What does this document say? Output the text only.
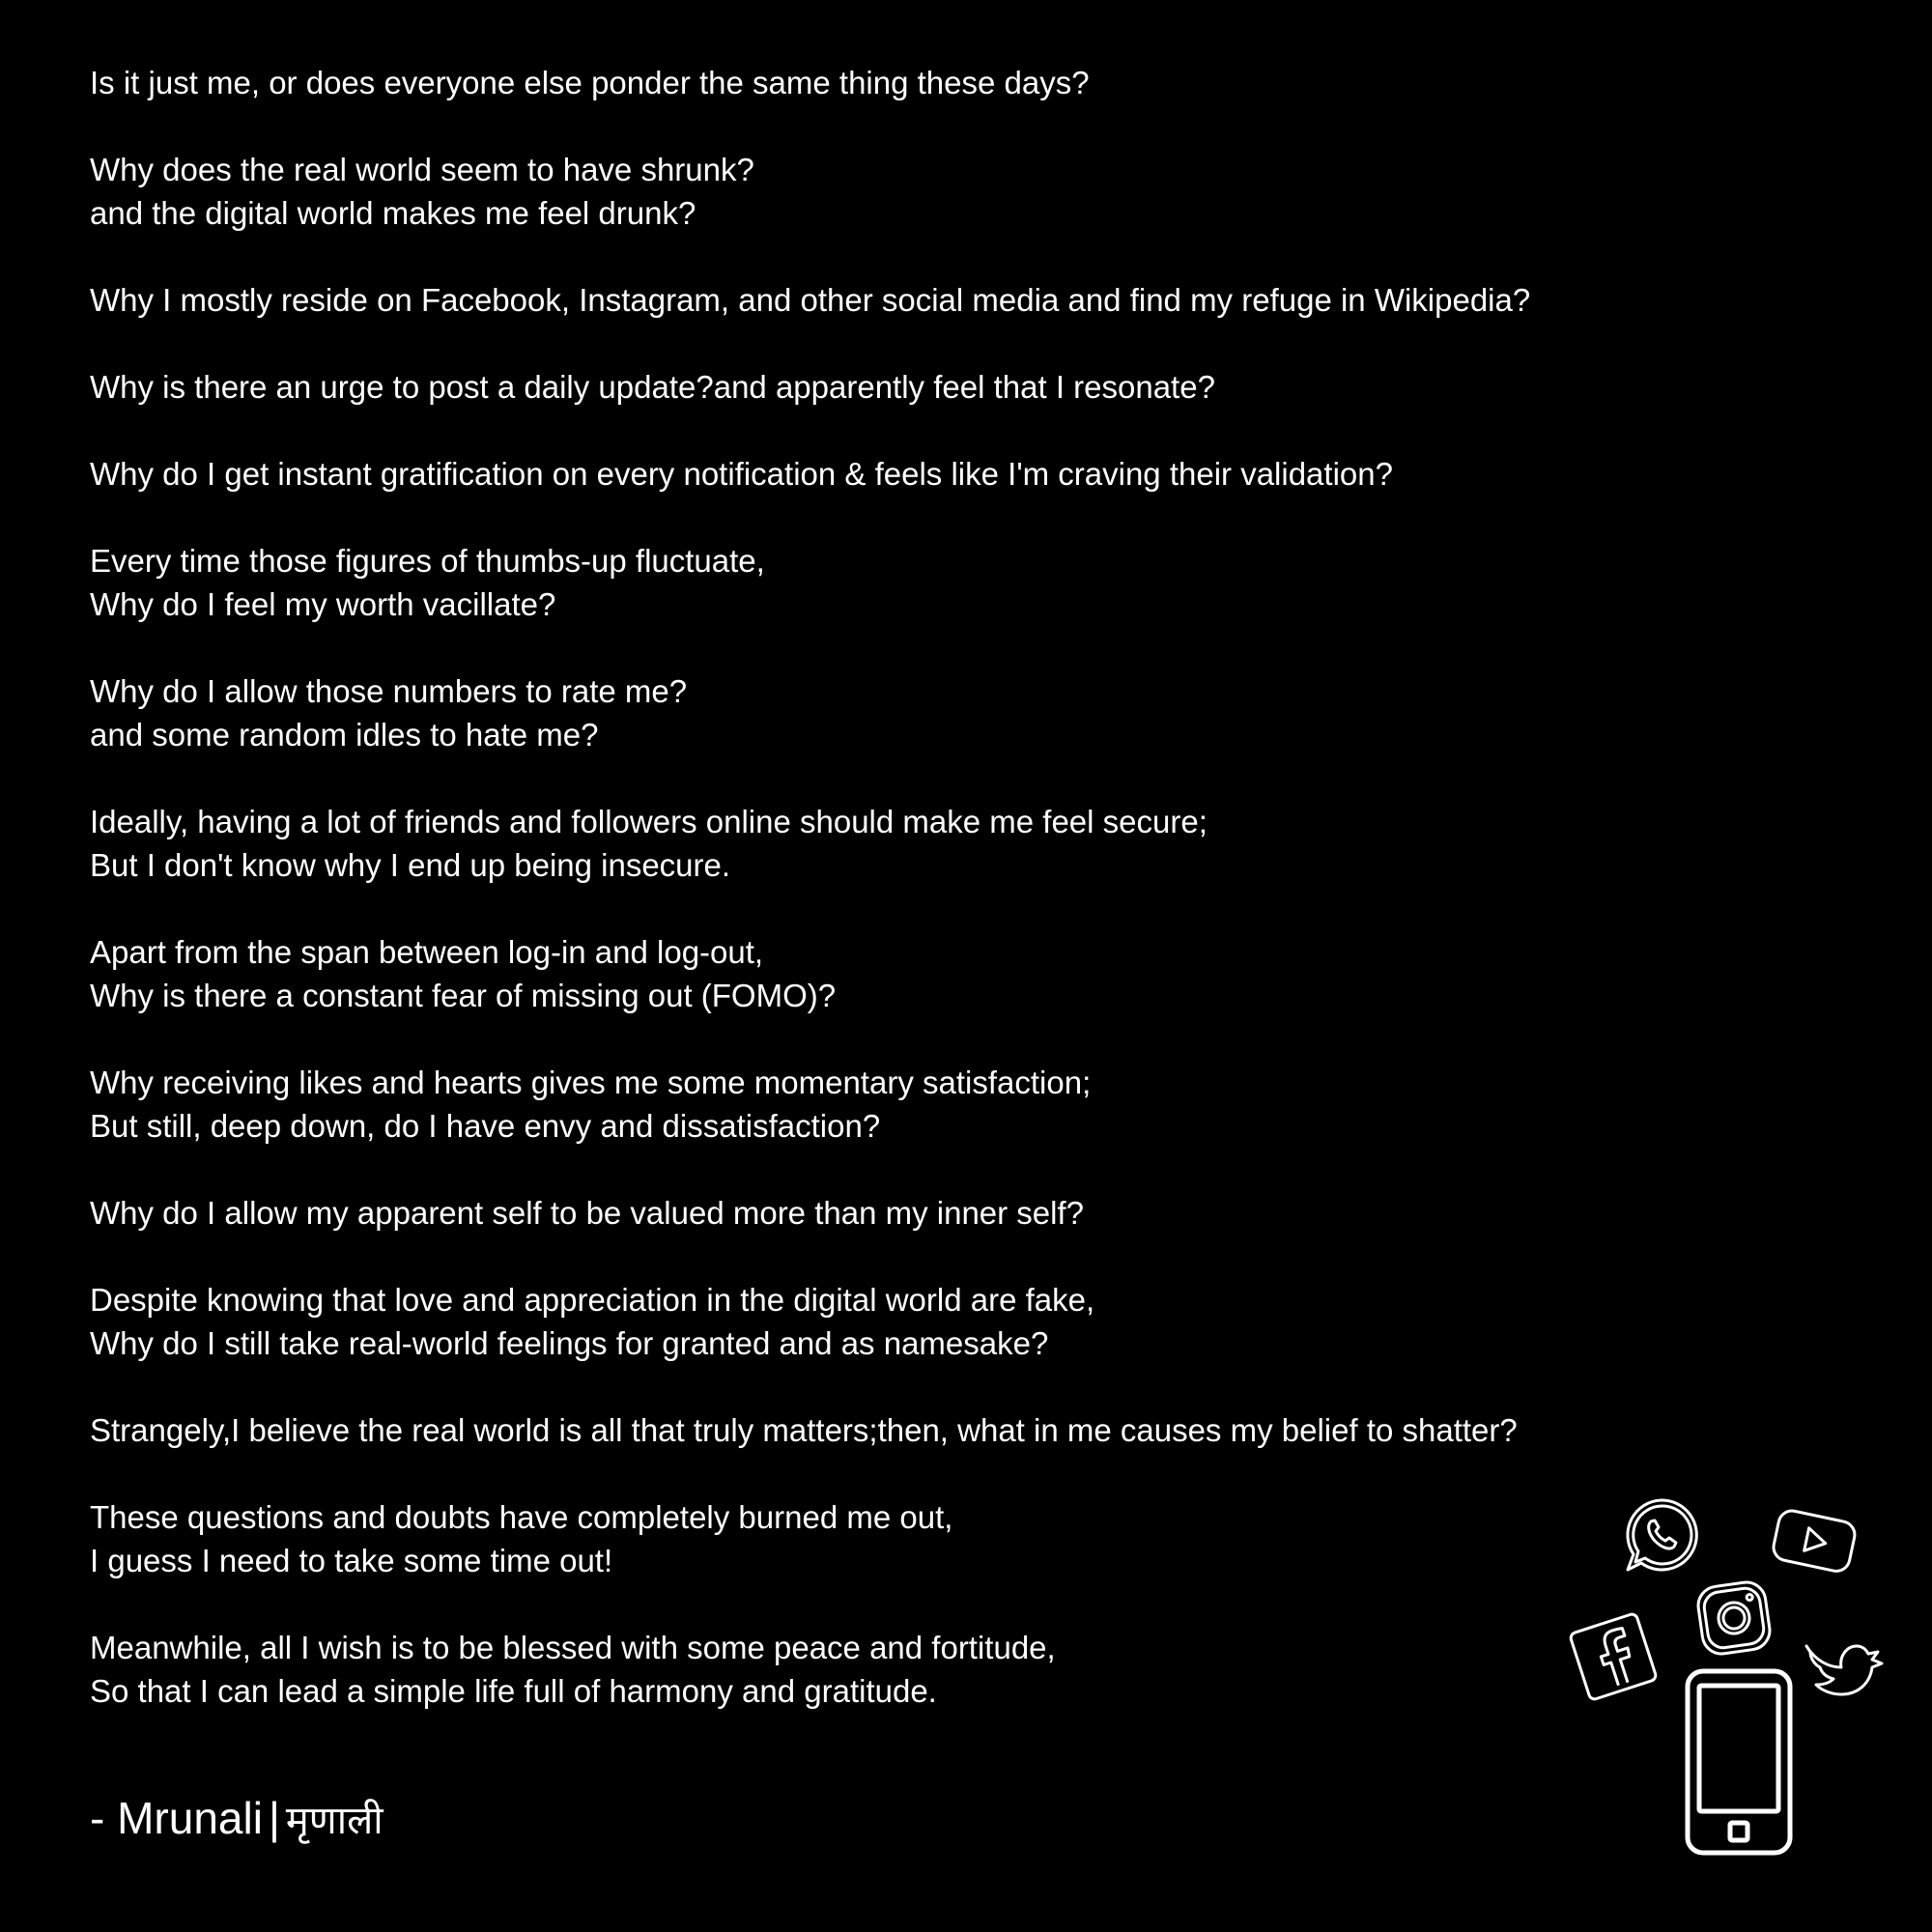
Is it just me, or does everyone else ponder the same thing these days?
Why does the real world seem to have shrunk?
and the digital world makes me feel drunk?
Why I mostly reside on Facebook, Instagram, and other social media and find my refuge in Wikipedia?
Why is there an urge to post a daily update?and apparently feel that I resonate?
Why do I get instant gratification on every notification & feels like I'm craving their validation?
Every time those figures of thumbs-up fluctuate,
Why do I feel my worth vacillate?
Why do I allow those numbers to rate me?
and some random idles to hate me?
Ideally, having a lot of friends and followers online should make me feel secure;
But I don't know why I end up being insecure.
Apart from the span between log-in and log-out,
Why is there a constant fear of missing out (FOMO)?
Why receiving likes and hearts gives me some momentary satisfaction;
But still, deep down, do I have envy and dissatisfaction?
Why do I allow my apparent self to be valued more than my inner self?
Despite knowing that love and appreciation in the digital world are fake,
Why do I still take real-world feelings for granted and as namesake?
Strangely,I believe the real world is all that truly matters;then, what in me causes my belief to shatter?
These questions and doubts have completely burned me out,
I guess I need to take some time out!
Meanwhile, all I wish is to be blessed with some peace and fortitude,
So that I can lead a simple life full of harmony and gratitude.
- Mrunali | मृणाली
